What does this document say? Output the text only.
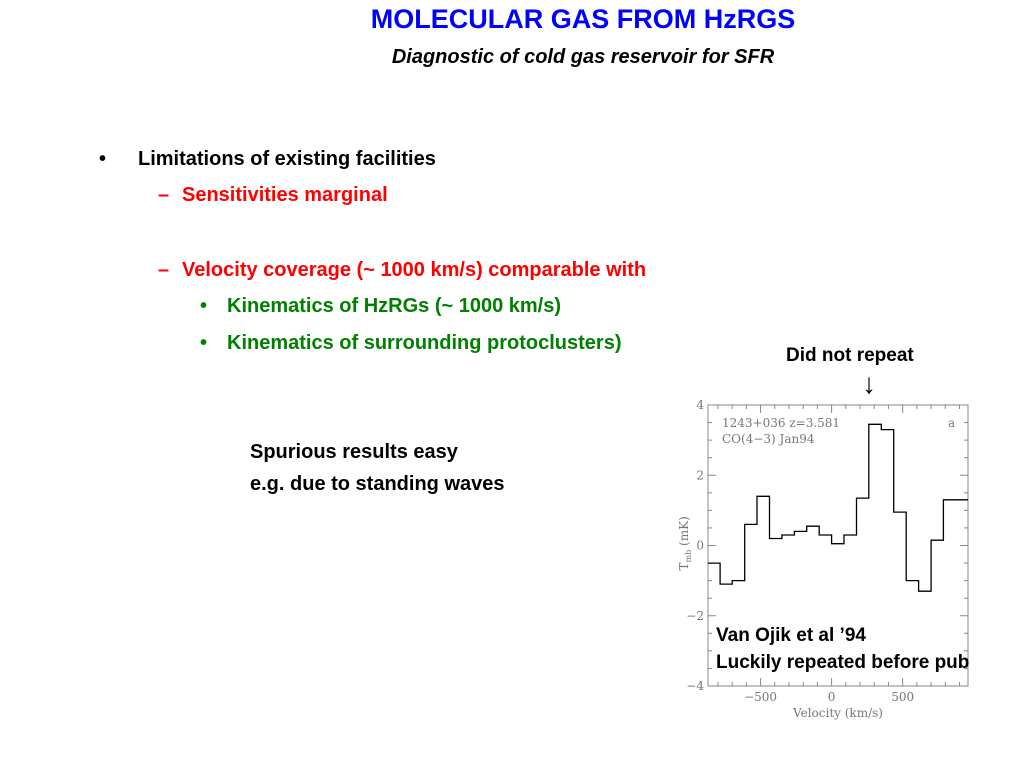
MOLECULAR GAS FROM HzRGS
Diagnostic of cold gas reservoir for SFR
• Limitations of existing facilities
– Sensitivities marginal
– Velocity coverage (~ 1000 km/s) comparable with
• Kinematics of HzRGs (~ 1000 km/s)
• Kinematics of surrounding protoclusters)
Spurious results easy
e.g. due to standing waves
Did not repeat
↓
−4
−2
0
2
4
−500	0	500
1243+036 z=3.581
CO(4−3) Jan94
a
Velocity (km/s)
$T_{mb}$ (mK)
Van Ojik et al ’94
Luckily repeated before pub
